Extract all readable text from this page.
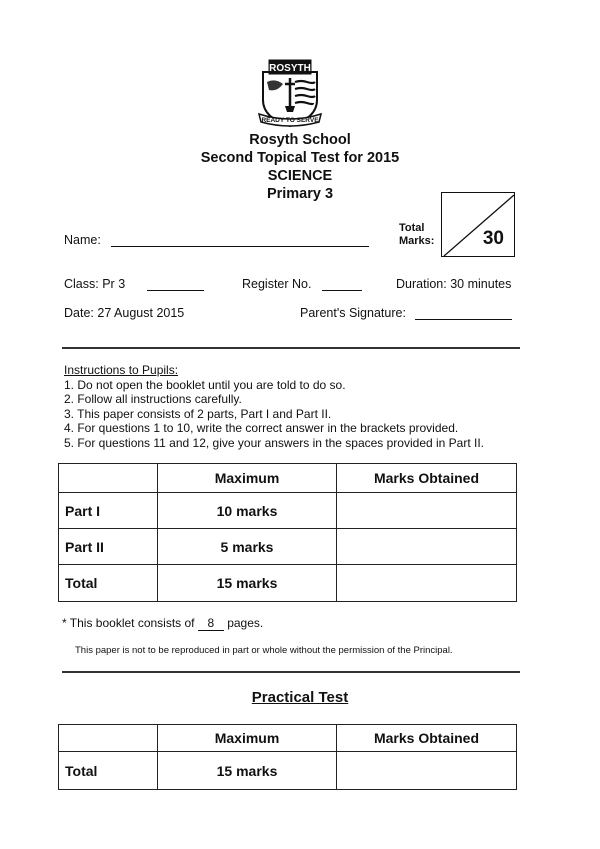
ROSYTH
READY TO SERVE
Rosyth School
Second Topical Test for 2015
SCIENCE
Primary 3
Name:
Total
Marks:	30
Class: Pr 3	Register No.	Duration: 30 minutes
Date: 27 August 2015	Parent's Signature:
Instructions to Pupils:
1. Do not open the booklet until you are told to do so.
2. Follow all instructions carefully.
3. This paper consists of 2 parts, Part I and Part II.
4. For questions 1 to 10, write the correct answer in the brackets provided.
5. For questions 11 and 12, give your answers in the spaces provided in Part II.
	Maximum	Marks Obtained
Part I	10 marks	
Part II	5 marks	
Total	15 marks	
* This booklet consists of 8 pages.
This paper is not to be reproduced in part or whole without the permission of the Principal.
Practical Test
	Maximum	Marks Obtained
Total	15 marks	
